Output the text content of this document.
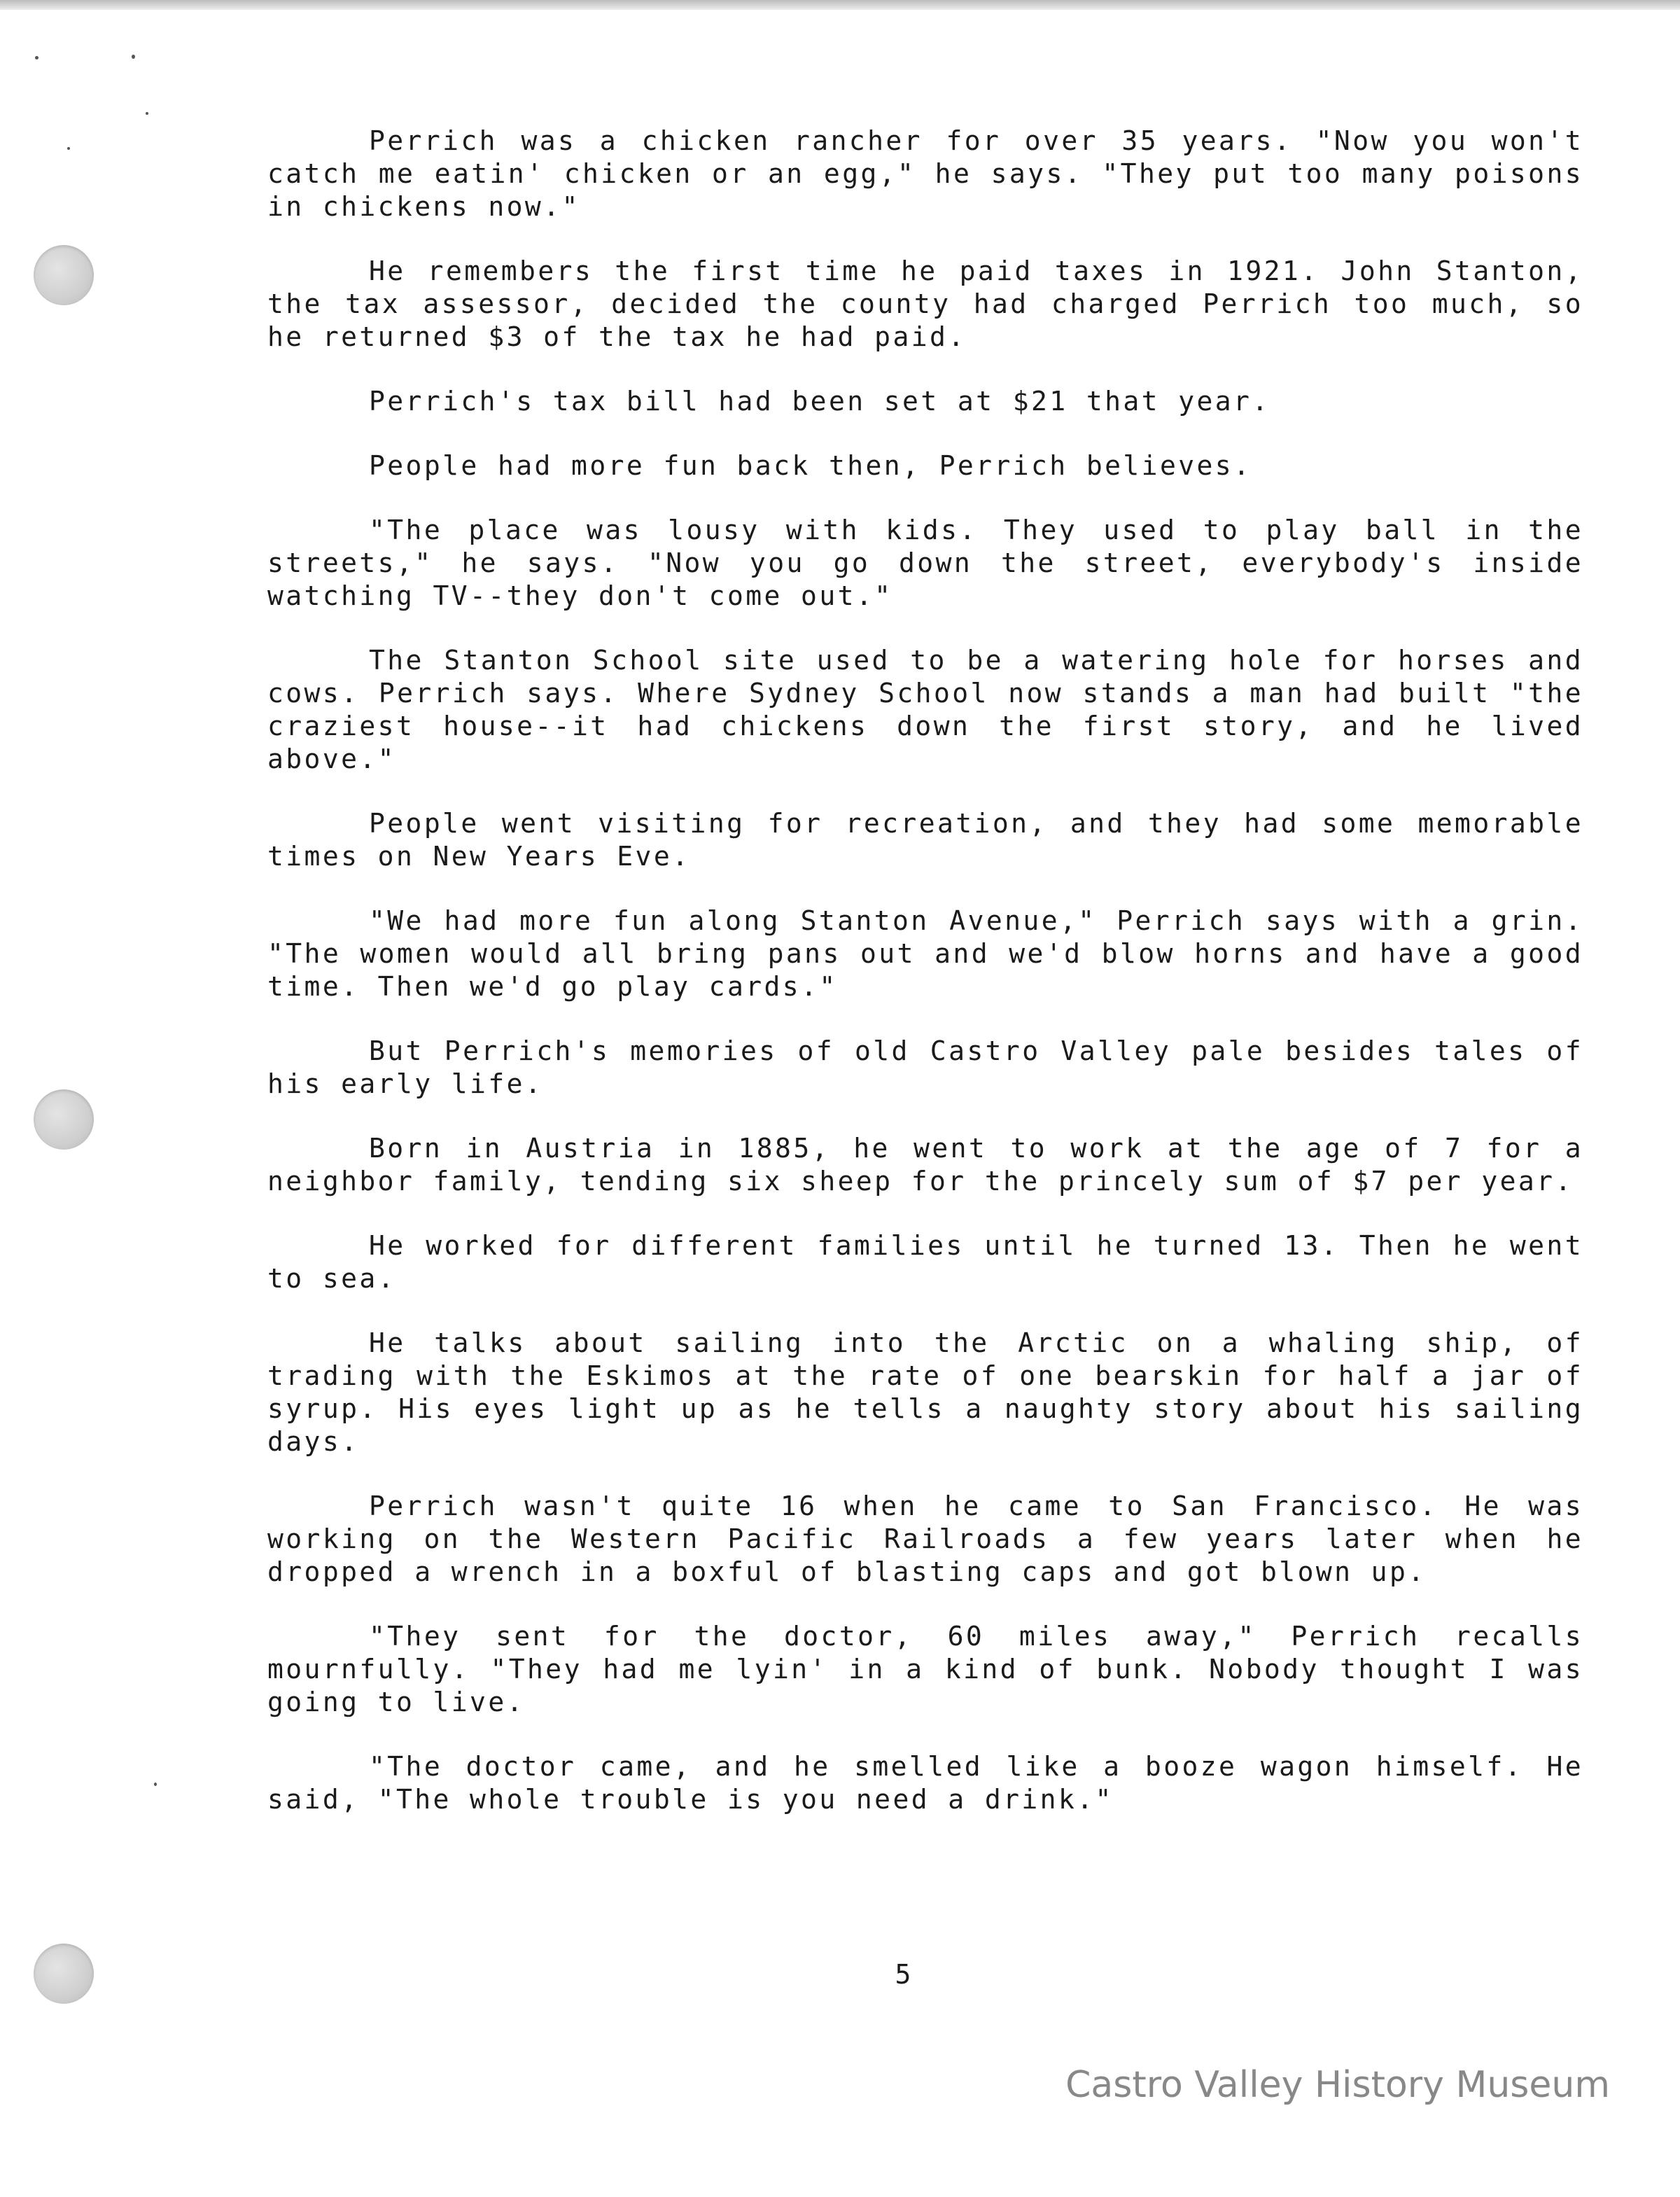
Perrich was a chicken rancher for over 35 years. "Now you won't catch me eatin' chicken or an egg," he says. "They put too many poisons in chickens now."

He remembers the first time he paid taxes in 1921. John Stanton, the tax assessor, decided the county had charged Perrich too much, so he returned $3 of the tax he had paid.

Perrich's tax bill had been set at $21 that year.

People had more fun back then, Perrich believes.

"The place was lousy with kids. They used to play ball in the streets," he says. "Now you go down the street, everybody's inside watching TV--they don't come out."

The Stanton School site used to be a watering hole for horses and cows. Perrich says. Where Sydney School now stands a man had built "the craziest house--it had chickens down the first story, and he lived above."

People went visiting for recreation, and they had some memorable times on New Years Eve.

"We had more fun along Stanton Avenue," Perrich says with a grin. "The women would all bring pans out and we'd blow horns and have a good time. Then we'd go play cards."

But Perrich's memories of old Castro Valley pale besides tales of his early life.

Born in Austria in 1885, he went to work at the age of 7 for a neighbor family, tending six sheep for the princely sum of $7 per year.

He worked for different families until he turned 13. Then he went to sea.

He talks about sailing into the Arctic on a whaling ship, of trading with the Eskimos at the rate of one bearskin for half a jar of syrup. His eyes light up as he tells a naughty story about his sailing days.

Perrich wasn't quite 16 when he came to San Francisco. He was working on the Western Pacific Railroads a few years later when he dropped a wrench in a boxful of blasting caps and got blown up.

"They sent for the doctor, 60 miles away," Perrich recalls mournfully. "They had me lyin' in a kind of bunk. Nobody thought I was going to live.

"The doctor came, and he smelled like a booze wagon himself. He said, "The whole trouble is you need a drink."

5
Castro Valley History Museum
